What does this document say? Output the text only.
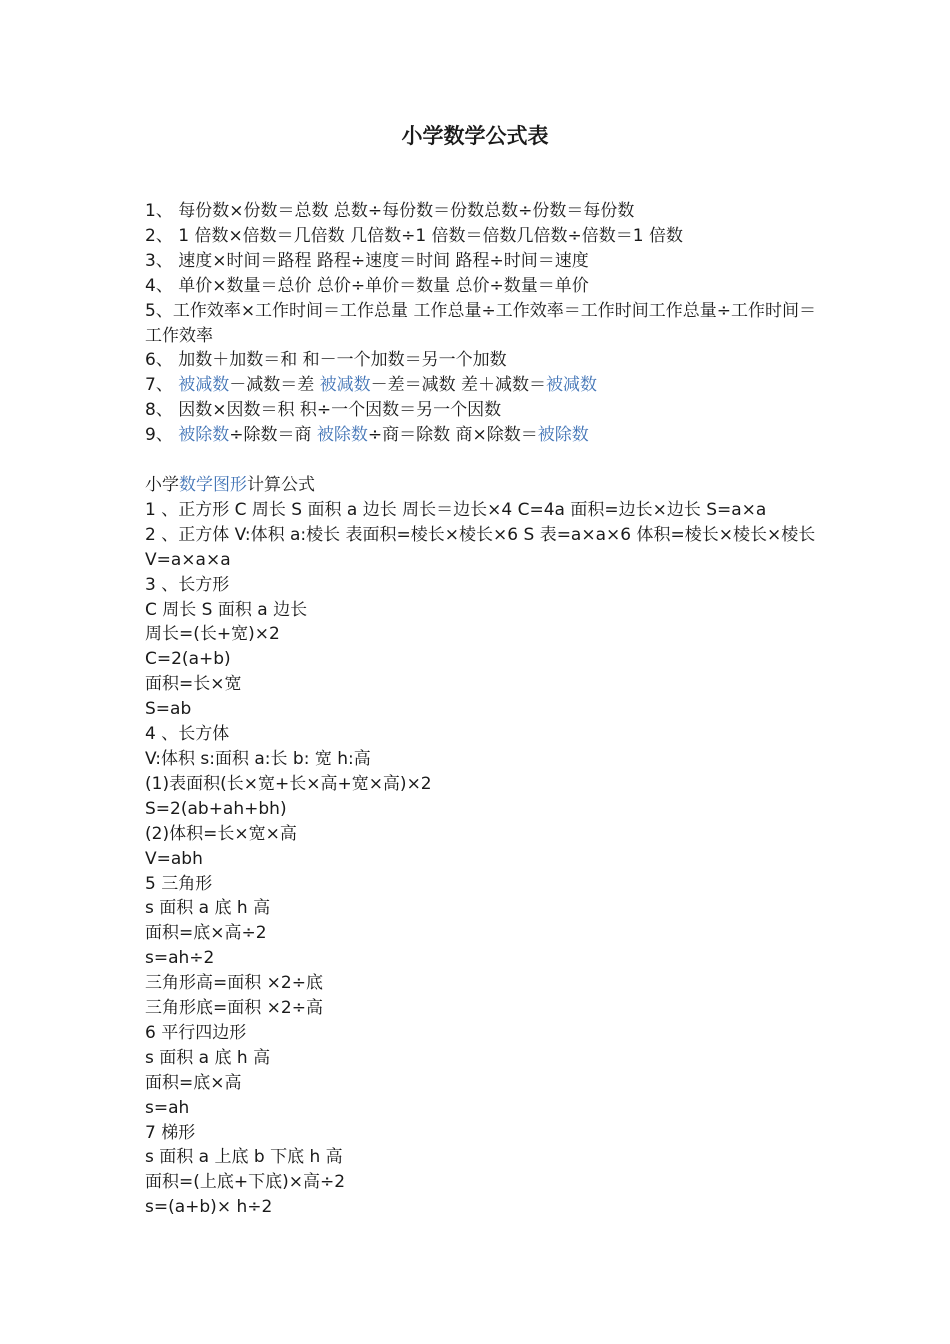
小学数学公式表
1、 每份数×份数＝总数 总数÷每份数＝份数总数÷份数＝每份数
2、 1 倍数×倍数＝几倍数 几倍数÷1 倍数＝倍数几倍数÷倍数＝1 倍数
3、 速度×时间＝路程 路程÷速度＝时间 路程÷时间＝速度
4、 单价×数量＝总价 总价÷单价＝数量 总价÷数量＝单价
5、工作效率×工作时间＝工作总量 工作总量÷工作效率＝工作时间工作总量÷工作时间＝工作效率
6、 加数＋加数＝和 和－一个加数＝另一个加数
7、 被减数－减数＝差 被减数－差＝减数 差＋减数＝被减数
8、 因数×因数＝积 积÷一个因数＝另一个因数
9、 被除数÷除数＝商 被除数÷商＝除数 商×除数＝被除数
小学数学图形计算公式
1 、正方形 C 周长 S 面积 a 边长 周长＝边长×4 C=4a 面积=边长×边长 S=a×a
2 、正方体 V:体积 a:棱长 表面积=棱长×棱长×6 S 表=a×a×6 体积=棱长×棱长×棱长 V=a×a×a
3 、长方形
C 周长 S 面积 a 边长
周长=(长+宽)×2
C=2(a+b)
面积=长×宽
S=ab
4 、长方体
V:体积 s:面积 a:长 b: 宽 h:高
(1)表面积(长×宽+长×高+宽×高)×2
S=2(ab+ah+bh)
(2)体积=长×宽×高
V=abh
5 三角形
s 面积 a 底 h 高
面积=底×高÷2
s=ah÷2
三角形高=面积 ×2÷底
三角形底=面积 ×2÷高
6 平行四边形
s 面积 a 底 h 高
面积=底×高
s=ah
7 梯形
s 面积 a 上底 b 下底 h 高
面积=(上底+下底)×高÷2
s=(a+b)× h÷2
